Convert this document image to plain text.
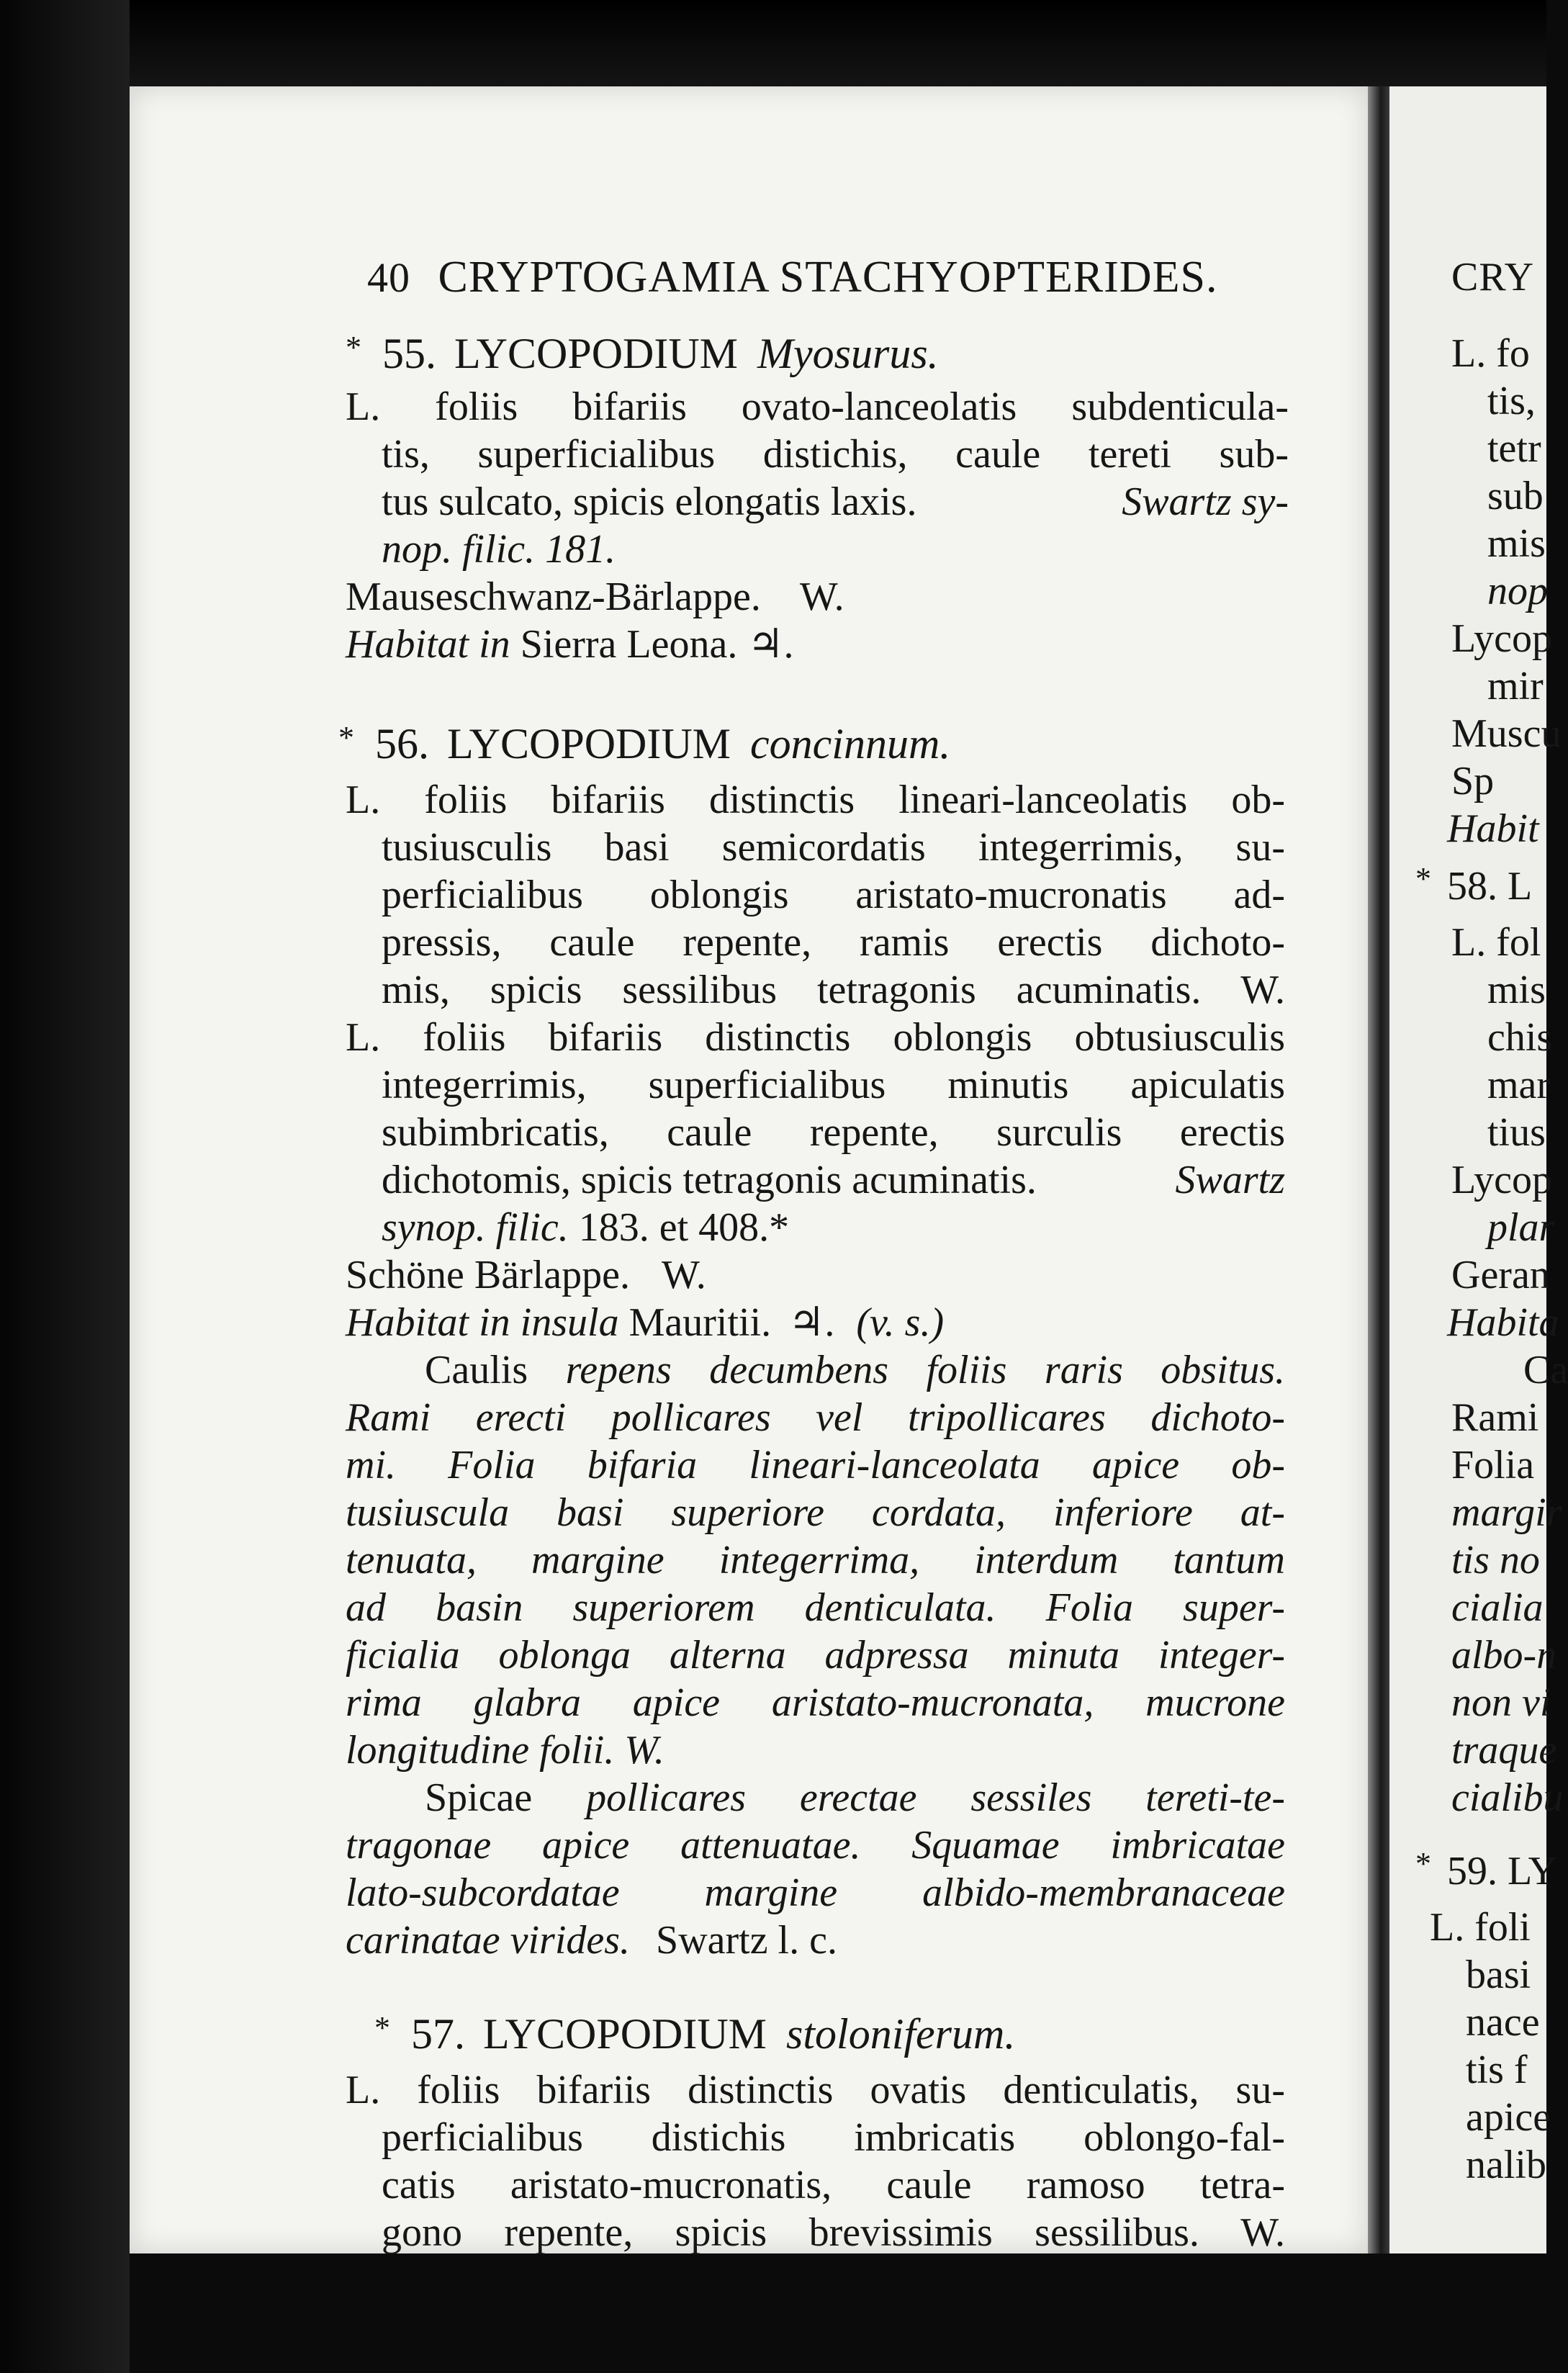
40 CRYPTOGAMIA STACHYOPTERIDES.
* 55. LYCOPODIUM Myosurus.
L. foliis bifariis ovato-lanceolatis subdenticula-
tis, superficialibus distichis, caule tereti sub-
tus sulcato, spicis elongatis laxis.	Swartz sy-
nop. filic. 181.
Mauseschwanz-Bärlappe. W.
Habitat in Sierra Leona. ♃.
* 56. LYCOPODIUM concinnum.
L. foliis bifariis distinctis lineari-lanceolatis ob-
tusiusculis basi semicordatis integerrimis, su-
perficialibus oblongis aristato-mucronatis ad-
pressis, caule repente, ramis erectis dichoto-
mis, spicis sessilibus tetragonis acuminatis. W.
L. foliis bifariis distinctis oblongis obtusiusculis
integerrimis, superficialibus minutis apiculatis
subimbricatis, caule repente, surculis erectis
dichotomis, spicis tetragonis acuminatis.	Swartz
synop. filic. 183. et 408.*
Schöne Bärlappe. W.
Habitat in insula Mauritii. ♃. (v. s.)
Caulis repens decumbens foliis raris obsitus.
Rami erecti pollicares vel tripollicares dichoto-
mi. Folia bifaria lineari-lanceolata apice ob-
tusiuscula basi superiore cordata, inferiore at-
tenuata, margine integerrima, interdum tantum
ad basin superiorem denticulata. Folia super-
ficialia oblonga alterna adpressa minuta integer-
rima glabra apice aristato-mucronata, mucrone
longitudine folii. W.
Spicae pollicares erectae sessiles tereti-te-
tragonae apice attenuatae. Squamae imbricatae
lato-subcordatae margine albido-membranaceae
carinatae virides. Swartz l. c.
* 57. LYCOPODIUM stoloniferum.
L. foliis bifariis distinctis ovatis denticulatis, su-
perficialibus distichis imbricatis oblongo-fal-
catis aristato-mucronatis, caule ramoso tetra-
gono repente, spicis brevissimis sessilibus. W.
CRY
L. fo
tis,
tetr
sub
mis
nop
Lycop
mir
Muscu
Sp
Habit
* 58. L
L. fol
mis
chis
mar
tius
Lycop
plar
Geran
Habita
Ca
Rami
Folia
margir
tis no
cialia
albo-n
non vi
traque
cialibu
* 59. LY
L. foli
basi
nace
tis f
apice
nalib
